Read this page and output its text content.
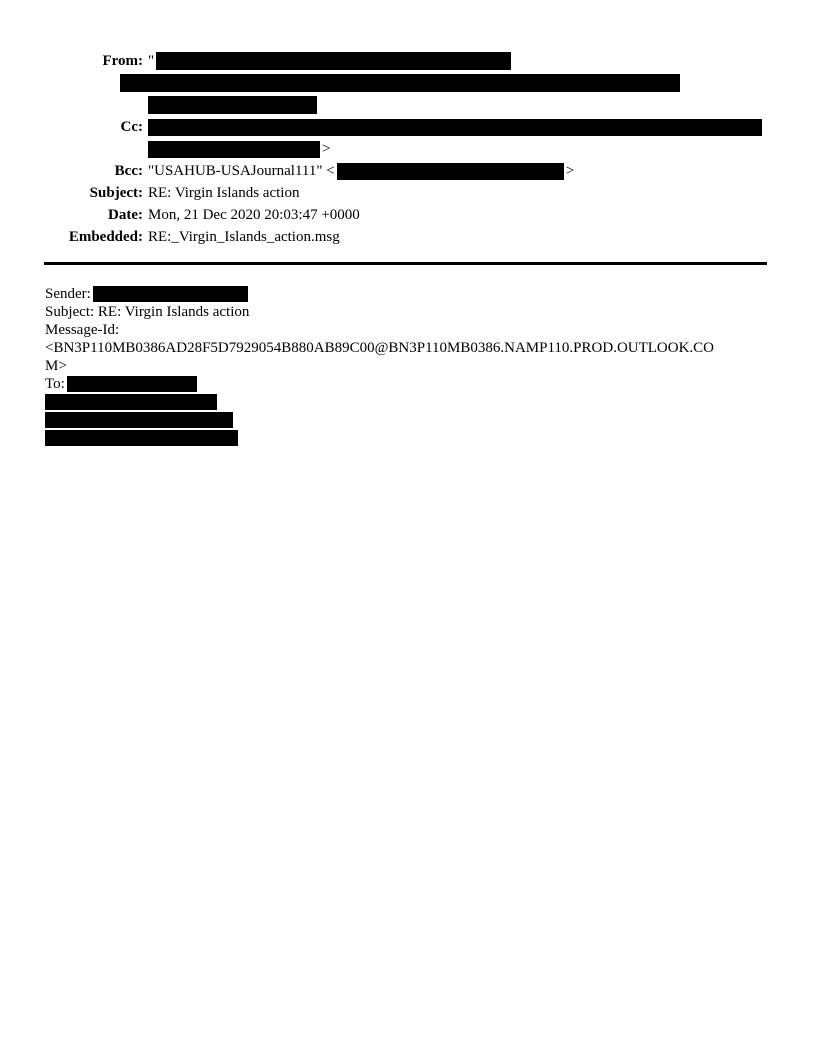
From: "
Cc:
>
Bcc: "USAHUB-USAJournal111" <	>
Subject: RE: Virgin Islands action
Date: Mon, 21 Dec 2020 20:03:47 +0000
Embedded: RE:_Virgin_Islands_action.msg
Sender:
Subject: RE: Virgin Islands action
Message-Id:
<BN3P110MB0386AD28F5D7929054B880AB89C00@BN3P110MB0386.NAMP110.PROD.OUTLOOK.CO
M>
To:
